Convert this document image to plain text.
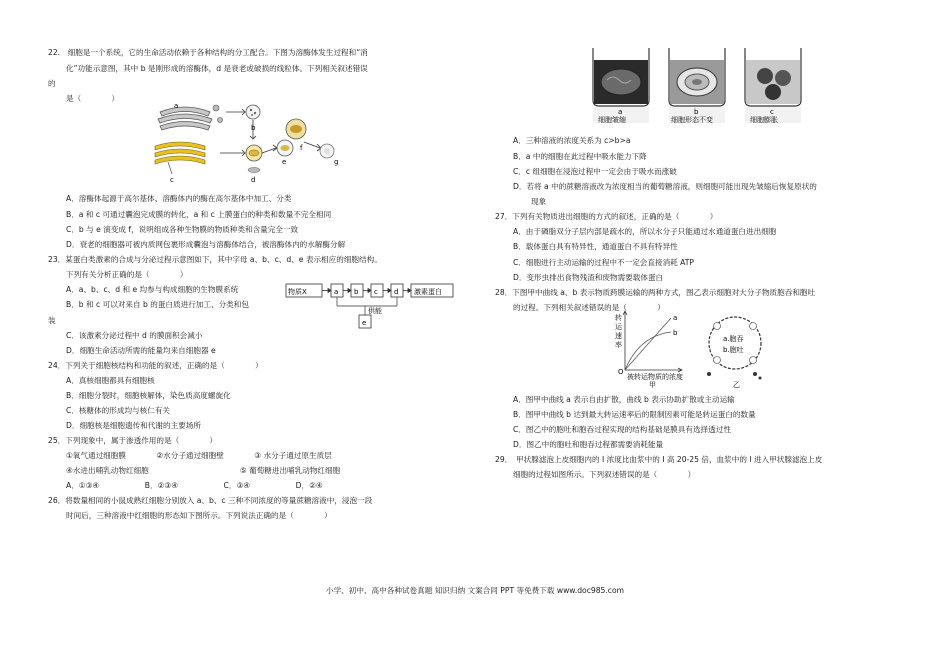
22.　细胞是一个系统，它的生命活动依赖于各种结构的分工配合。下图为溶酶体发生过程和“消
化”功能示意图，其中 b 是刚形成的溶酶体，d 是衰老或破损的线粒体。下列相关叙述错误
的
是（　　　　）
a
b
c	d
e
f
g
A．溶酶体起源于高尔基体、溶酶体内的酶在高尔基体中加工、分类
B．a 和 c 可通过囊泡完成膜的转化，a 和 c 上膜蛋白的种类和数量不完全相同
C．b 与 e 演变成 f，说明组成各种生物膜的物质种类和含量完全一致
D．衰老的细胞器可被内质网包裹形成囊泡与溶酶体结合，被溶酶体内的水解酶分解
23．某蛋白类激素的合成与分泌过程示意图如下，其中字母 a、b、c、d、e 表示相应的细胞结构。
下列有关分析正确的是（　　　　）
A．a、b、c、d 和 e 均参与构成细胞的生物膜系统
B．b 和 c 可以对来自 b 的蛋白质进行加工、分类和包
装
C．该激素分泌过程中 d 的膜面积会减小
D．细胞生命活动所需的能量均来自细胞器 e
物质X	a b c d 激素蛋白
供能
e
24．下列关于细胞核结构和功能的叙述，正确的是（　　　　）
A．真核细胞都具有细胞核
B．细胞分裂时，细胞核解体，染色质高度螺旋化
C．核糖体的形成均与核仁有关
D．细胞核是细胞遗传和代谢的主要场所
25．下列现象中，属于渗透作用的是（　　　　）
①氧气通过细胞膜　　　　②水分子通过细胞壁　　　　③ 水分子通过原生质层
④水进出哺乳动物红细胞　　　　　　　　　　　　⑤ 葡萄糖进出哺乳动物红细胞
A．①③④　　　　　　B．②③④　　　　　　C．③④　　　　　　D．②④
26．将数量相同的小鼠成熟红细胞分别放入 a、b、c 三种不同浓度的等量蔗糖溶液中，浸泡一段
时间后，三种溶液中红细胞的形态如下图所示。下列说法正确的是（　　　　）
a	b	c
细胞皱缩	细胞形态不变	细胞膨胀
A．三种溶液的浓度关系为 c>b>a
B．a 中的细胞在此过程中吸水能力下降
C．c 组细胞在浸泡过程中一定会由于吸水而涨破
D．若将 a 中的蔗糖溶液改为浓度相当的葡萄糖溶液，则细胞可能出现先皱缩后恢复原状的
现象
27．下列有关物质进出细胞的方式的叙述，正确的是（　　　　）
A．由于磷脂双分子层内部是疏水的，所以水分子只能通过水通道蛋白进出细胞
B．载体蛋白具有特异性，通道蛋白不具有特异性
C．细胞进行主动运输的过程中不一定会直接消耗 ATP
D．变形虫排出食物残渣和废物需要载体蛋白
28．下图甲中曲线 a、b 表示物质跨膜运输的两种方式，图乙表示细胞对大分子物质胞吞和胞吐
的过程。下列相关叙述错误的是（　　　　）
转
运
速
率
O
a
b
被转运物质的浓度
甲
a.胞吞
b.胞吐
乙
A．图甲中曲线 a 表示自由扩散，曲线 b 表示协助扩散或主动运输
B．图甲中曲线 b 达到最大转运速率后的限制因素可能是转运蛋白的数量
C．图乙中的胞吐和胞吞过程实现的结构基础是膜具有选择透过性
D．图乙中的胞吐和胞吞过程都需要消耗能量
29．　甲状腺滤泡上皮细胞内的 I 浓度比血浆中的 I 高 20-25 倍，血浆中的 I 进入甲状腺滤泡上皮
细胞的过程如图所示。下列叙述错误的是（　　　　）
小学、初中、高中各种试卷真题 知识归纳 文案合同 PPT 等免费下载 www.doc985.com
